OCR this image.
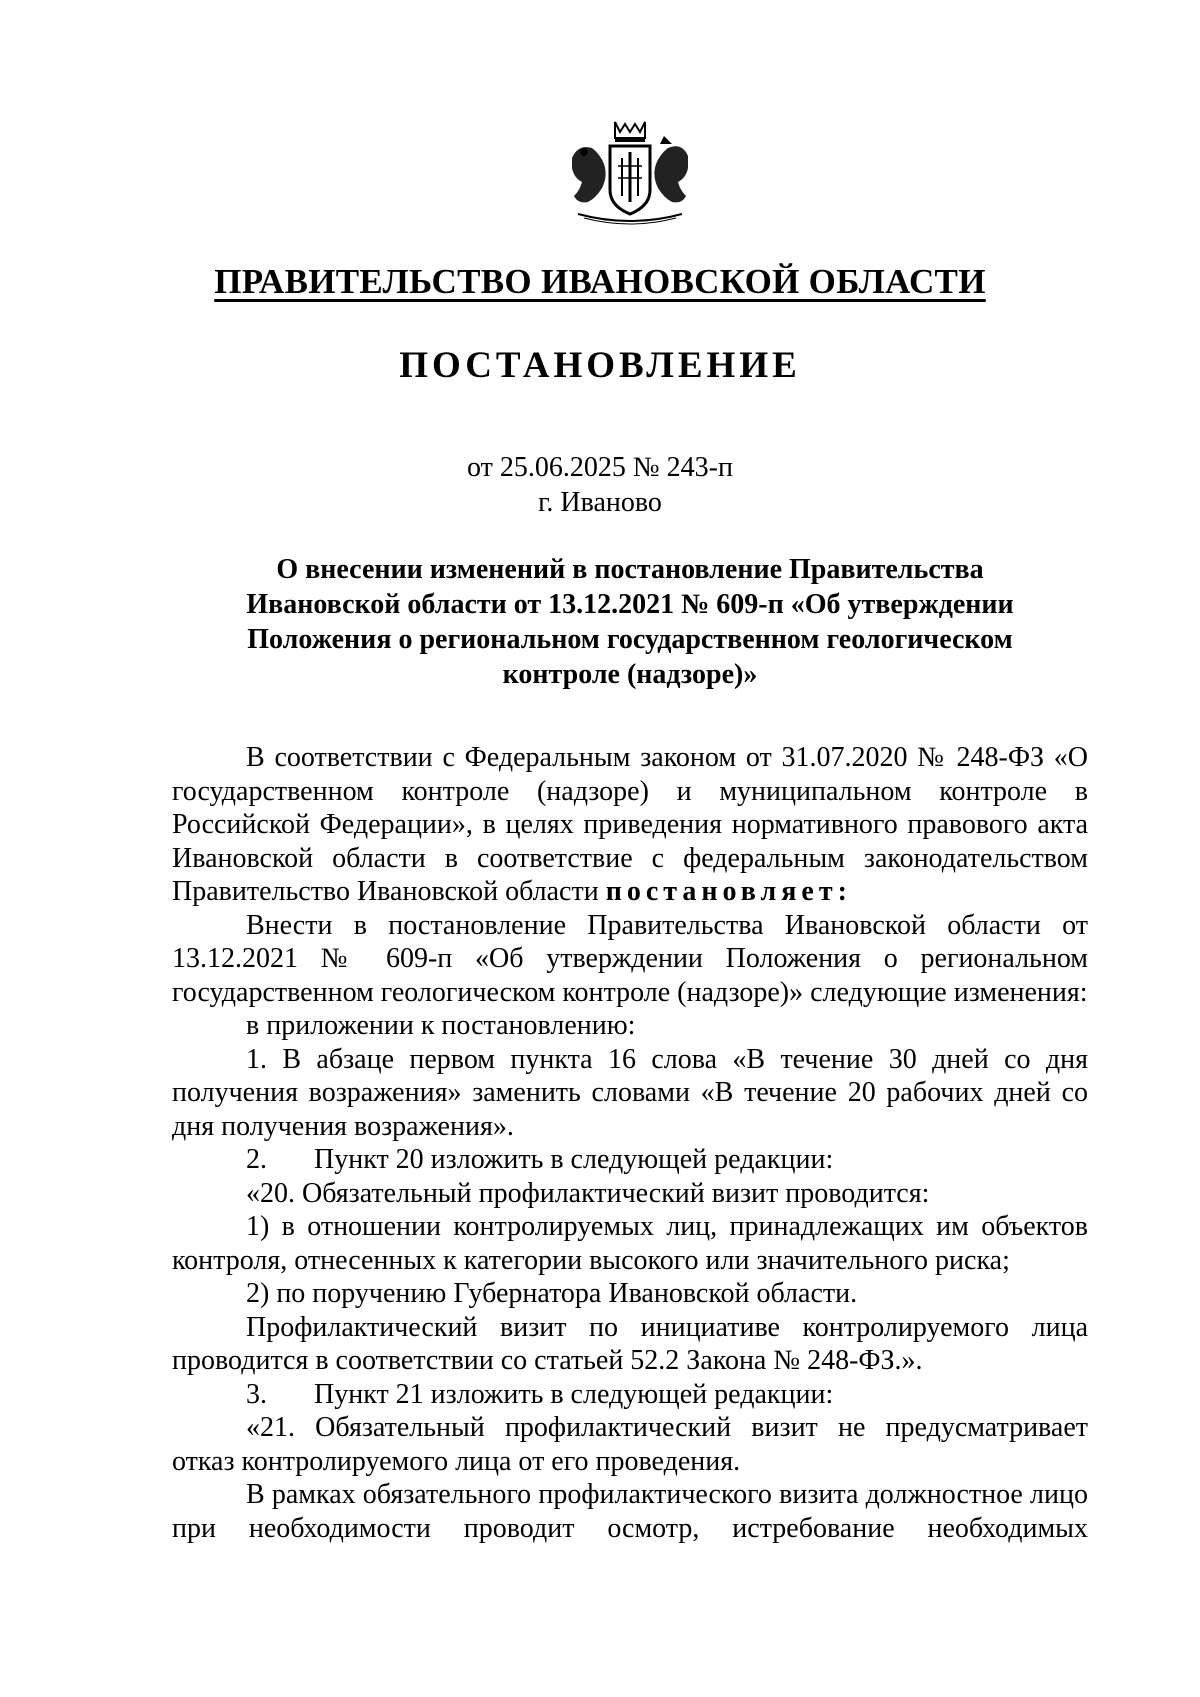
ПРАВИТЕЛЬСТВО ИВАНОВСКОЙ ОБЛАСТИ
ПОСТАНОВЛЕНИЕ
от 25.06.2025 № 243-п
г. Иваново
О внесении изменений в постановление Правительства
Ивановской области от 13.12.2021 № 609-п «Об утверждении
Положения о региональном государственном геологическом
контроле (надзоре)»

В соответствии с Федеральным законом от 31.07.2020 № 248-ФЗ «О государственном контроле (надзоре) и муниципальном контроле в Российской Федерации», в целях приведения нормативного правового акта Ивановской области в соответствие с федеральным законодательством Правительство Ивановской области постановляет:

Внести в постановление Правительства Ивановской области от 13.12.2021 № 609-п «Об утверждении Положения о региональном государственном геологическом контроле (надзоре)» следующие изменения:

в приложении к постановлению:

1. В абзаце первом пункта 16 слова «В течение 30 дней со дня получения возражения» заменить словами «В течение 20 рабочих дней со дня получения возражения».

2. Пункт 20 изложить в следующей редакции:

«20. Обязательный профилактический визит проводится:

1) в отношении контролируемых лиц, принадлежащих им объектов контроля, отнесенных к категории высокого или значительного риска;

2) по поручению Губернатора Ивановской области.

Профилактический визит по инициативе контролируемого лица проводится в соответствии со статьей 52.2 Закона № 248-ФЗ.».

3. Пункт 21 изложить в следующей редакции:

«21. Обязательный профилактический визит не предусматривает отказ контролируемого лица от его проведения.

В рамках обязательного профилактического визита должностное лицо при необходимости проводит осмотр, истребование необходимых
